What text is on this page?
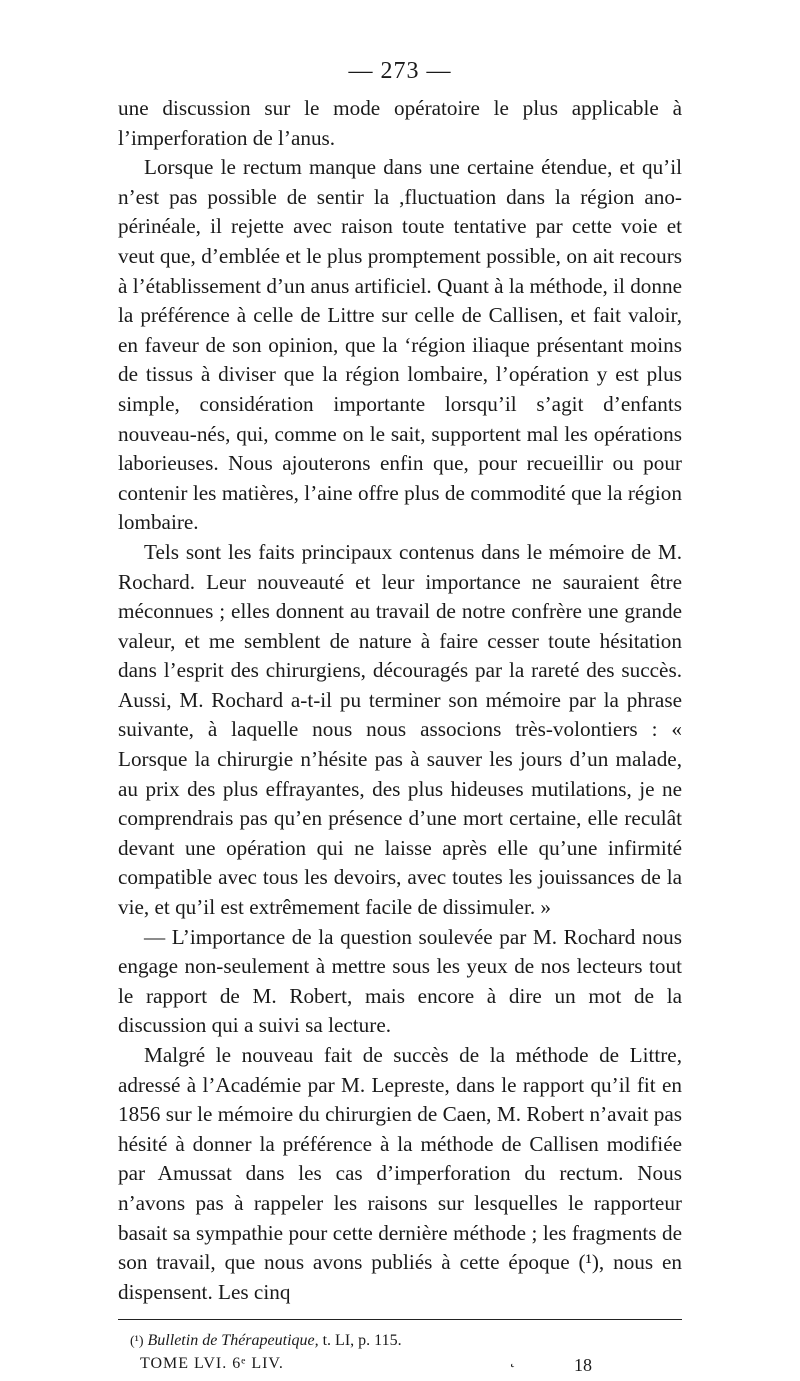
— 273 —

une discussion sur le mode opératoire le plus applicable à l’imperforation de l’anus.

Lorsque le rectum manque dans une certaine étendue, et qu’il n’est pas possible de sentir la ,fluctuation dans la région ano-périnéale, il rejette avec raison toute tentative par cette voie et veut que, d’emblée et le plus promptement possible, on ait recours à l’établissement d’un anus artificiel. Quant à la méthode, il donne la préférence à celle de Littre sur celle de Callisen, et fait valoir, en faveur de son opinion, que la ‘région iliaque présentant moins de tissus à diviser que la région lombaire, l’opération y est plus simple, considération importante lorsqu’il s’agit d’enfants nouveau-nés, qui, comme on le sait, supportent mal les opérations laborieuses. Nous ajouterons enfin que, pour recueillir ou pour contenir les matières, l’aine offre plus de commodité que la région lombaire.

Tels sont les faits principaux contenus dans le mémoire de M. Rochard. Leur nouveauté et leur importance ne sauraient être méconnues ; elles donnent au travail de notre confrère une grande valeur, et me semblent de nature à faire cesser toute hésitation dans l’esprit des chirurgiens, découragés par la rareté des succès. Aussi, M. Rochard a-t-il pu terminer son mémoire par la phrase suivante, à laquelle nous nous associons très-volontiers : « Lorsque la chirurgie n’hésite pas à sauver les jours d’un malade, au prix des plus effrayantes, des plus hideuses mutilations, je ne comprendrais pas qu’en présence d’une mort certaine, elle reculât devant une opération qui ne laisse après elle qu’une infirmité compatible avec tous les devoirs, avec toutes les jouissances de la vie, et qu’il est extrêmement facile de dissimuler. »

— L’importance de la question soulevée par M. Rochard nous engage non-seulement à mettre sous les yeux de nos lecteurs tout le rapport de M. Robert, mais encore à dire un mot de la discussion qui a suivi sa lecture.

Malgré le nouveau fait de succès de la méthode de Littre, adressé à l’Académie par M. Lepreste, dans le rapport qu’il fit en 1856 sur le mémoire du chirurgien de Caen, M. Robert n’avait pas hésité à donner la préférence à la méthode de Callisen modifiée par Amussat dans les cas d’imperforation du rectum. Nous n’avons pas à rappeler les raisons sur lesquelles le rapporteur basait sa sympathie pour cette dernière méthode ; les fragments de son travail, que nous avons publiés à cette époque (¹), nous en dispensent. Les cinq

(¹) Bulletin de Thérapeutique, t. LI, p. 115.
TOME LVI. 6ᵉ LIV.	˛	18
